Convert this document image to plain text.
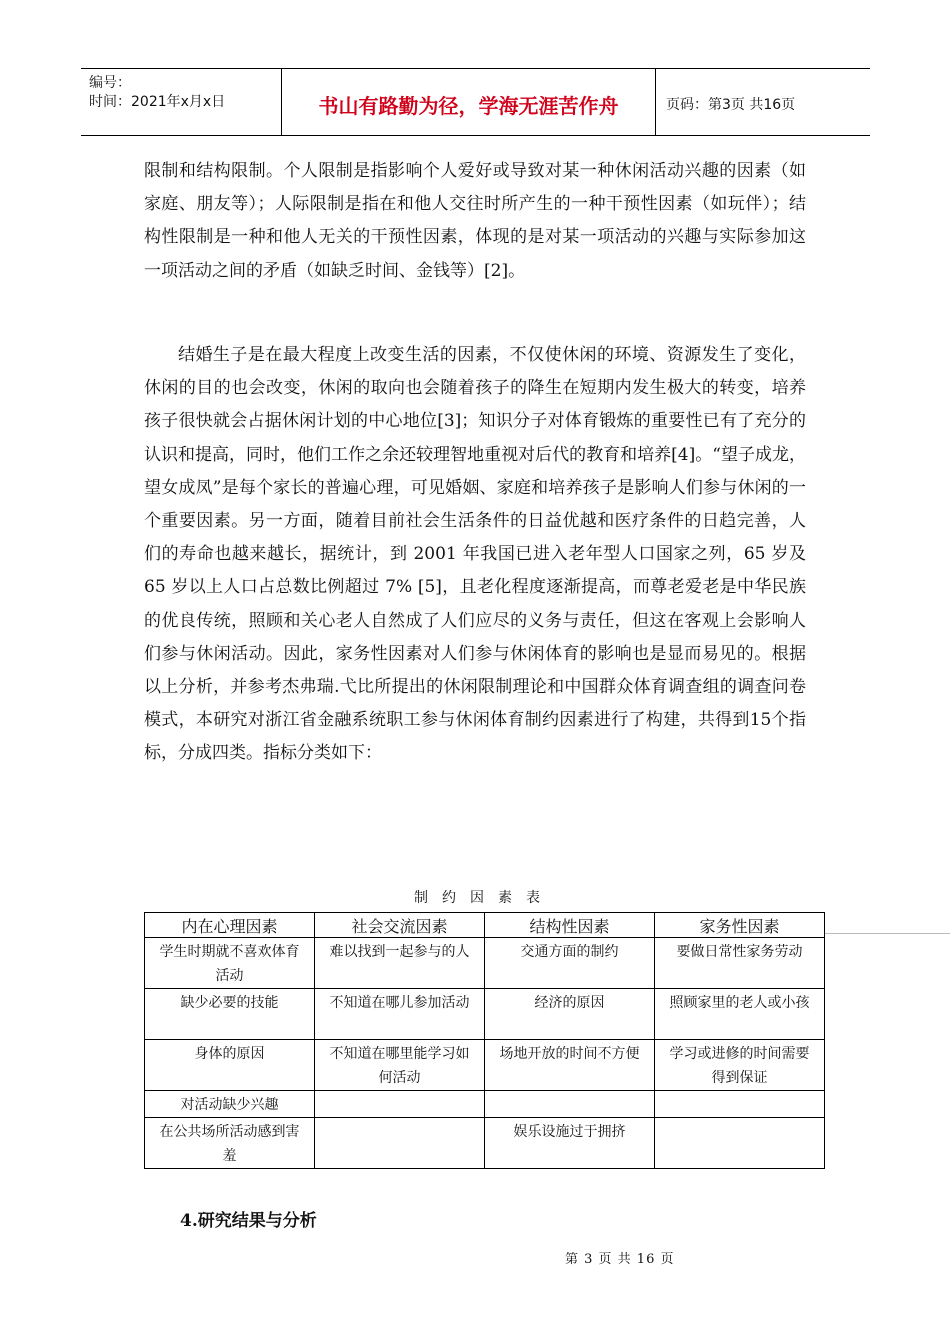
编号：
时间：2021年x月x日	书山有路勤为径，学海无涯苦作舟	页码：第3页 共16页
限制和结构限制。个人限制是指影响个人爱好或导致对某一种休闲活动兴趣的因素（如家庭、朋友等）；人际限制是指在和他人交往时所产生的一种干预性因素（如玩伴）；结构性限制是一种和他人无关的干预性因素，体现的是对某一项活动的兴趣与实际参加这一项活动之间的矛盾（如缺乏时间、金钱等）[2]。
结婚生子是在最大程度上改变生活的因素，不仅使休闲的环境、资源发生了变化，休闲的目的也会改变，休闲的取向也会随着孩子的降生在短期内发生极大的转变，培养孩子很快就会占据休闲计划的中心地位[3]；知识分子对体育锻炼的重要性已有了充分的认识和提高，同时，他们工作之余还较理智地重视对后代的教育和培养[4]。“望子成龙，望女成凤”是每个家长的普遍心理，可见婚姻、家庭和培养孩子是影响人们参与休闲的一个重要因素。另一方面，随着目前社会生活条件的日益优越和医疗条件的日趋完善，人们的寿命也越来越长，据统计，到 2001 年我国已进入老年型人口国家之列，65 岁及 65 岁以上人口占总数比例超过 7% [5]，且老化程度逐渐提高，而尊老爱老是中华民族的优良传统，照顾和关心老人自然成了人们应尽的义务与责任，但这在客观上会影响人们参与休闲活动。因此，家务性因素对人们参与休闲体育的影响也是显而易见的。根据以上分析，并参考杰弗瑞.弋比所提出的休闲限制理论和中国群众体育调查组的调查问卷模式，本研究对浙江省金融系统职工参与休闲体育制约因素进行了构建，共得到15个指标，分成四类。指标分类如下：
制约因素表
内在心理因素	社会交流因素	结构性因素	家务性因素
学生时期就不喜欢体育活动	难以找到一起参与的人	交通方面的制约	要做日常性家务劳动
缺少必要的技能	不知道在哪儿参加活动	经济的原因	照顾家里的老人或小孩
身体的原因	不知道在哪里能学习如何活动	场地开放的时间不方便	学习或进修的时间需要得到保证
对活动缺少兴趣			
在公共场所活动感到害羞		娱乐设施过于拥挤	
4.研究结果与分析
第 3 页 共 16 页
